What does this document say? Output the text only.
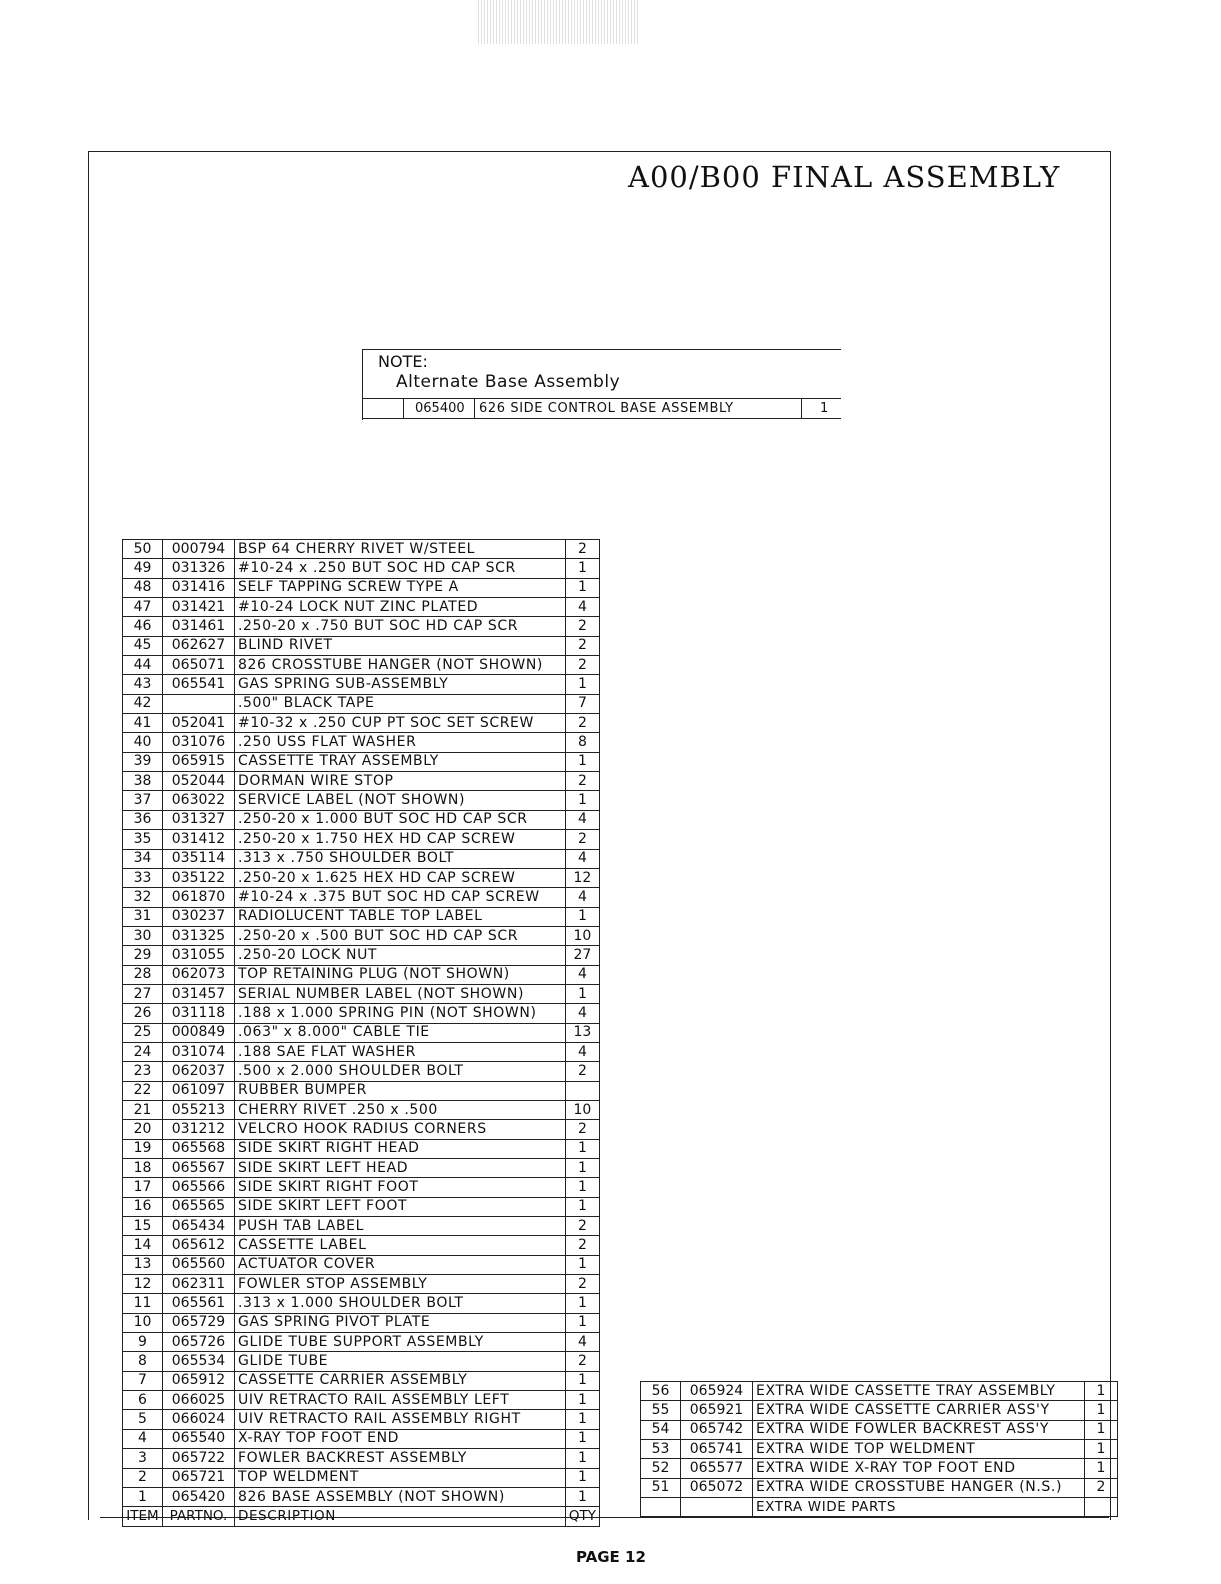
A00/B00 FINAL ASSEMBLY
NOTE:
Alternate Base Assembly
065400 626 SIDE CONTROL BASE ASSEMBLY	1
50	000794	BSP 64 CHERRY RIVET W/STEEL	2
49	031326	#10-24 x .250 BUT SOC HD CAP SCR	1
48	031416	SELF TAPPING SCREW TYPE A	1
47	031421	#10-24 LOCK NUT ZINC PLATED	4
46	031461	.250-20 x .750 BUT SOC HD CAP SCR	2
45	062627	BLIND RIVET	2
44	065071	826 CROSSTUBE HANGER (NOT SHOWN)	2
43	065541	GAS SPRING SUB-ASSEMBLY	1
42		.500" BLACK TAPE	7
41	052041	#10-32 x .250 CUP PT SOC SET SCREW	2
40	031076	.250 USS FLAT WASHER	8
39	065915	CASSETTE TRAY ASSEMBLY	1
38	052044	DORMAN WIRE STOP	2
37	063022	SERVICE LABEL (NOT SHOWN)	1
36	031327	.250-20 x 1.000 BUT SOC HD CAP SCR	4
35	031412	.250-20 x 1.750 HEX HD CAP SCREW	2
34	035114	.313 x .750 SHOULDER BOLT	4
33	035122	.250-20 x 1.625 HEX HD CAP SCREW	12
32	061870	#10-24 x .375 BUT SOC HD CAP SCREW	4
31	030237	RADIOLUCENT TABLE TOP LABEL	1
30	031325	.250-20 x .500 BUT SOC HD CAP SCR	10
29	031055	.250-20 LOCK NUT	27
28	062073	TOP RETAINING PLUG (NOT SHOWN)	4
27	031457	SERIAL NUMBER LABEL (NOT SHOWN)	1
26	031118	.188 x 1.000 SPRING PIN (NOT SHOWN)	4
25	000849	.063" x 8.000" CABLE TIE	13
24	031074	.188 SAE FLAT WASHER	4
23	062037	.500 x 2.000 SHOULDER BOLT	2
22	061097	RUBBER BUMPER	
21	055213	CHERRY RIVET .250 x .500	10
20	031212	VELCRO HOOK RADIUS CORNERS	2
19	065568	SIDE SKIRT RIGHT HEAD	1
18	065567	SIDE SKIRT LEFT HEAD	1
17	065566	SIDE SKIRT RIGHT FOOT	1
16	065565	SIDE SKIRT LEFT FOOT	1
15	065434	PUSH TAB LABEL	2
14	065612	CASSETTE LABEL	2
13	065560	ACTUATOR COVER	1
12	062311	FOWLER STOP ASSEMBLY	2
11	065561	.313 x 1.000 SHOULDER BOLT	1
10	065729	GAS SPRING PIVOT PLATE	1
9	065726	GLIDE TUBE SUPPORT ASSEMBLY	4
8	065534	GLIDE TUBE	2
7	065912	CASSETTE CARRIER ASSEMBLY	1
6	066025	UIV RETRACTO RAIL ASSEMBLY LEFT	1
5	066024	UIV RETRACTO RAIL ASSEMBLY RIGHT	1
4	065540	X-RAY TOP FOOT END	1
3	065722	FOWLER BACKREST ASSEMBLY	1
2	065721	TOP WELDMENT	1
1	065420	826 BASE ASSEMBLY (NOT SHOWN)	1
ITEM	PARTNO.	DESCRIPTION	QTY
56	065924	EXTRA WIDE CASSETTE TRAY ASSEMBLY	1
55	065921	EXTRA WIDE CASSETTE CARRIER ASS'Y	1
54	065742	EXTRA WIDE FOWLER BACKREST ASS'Y	1
53	065741	EXTRA WIDE TOP WELDMENT	1
52	065577	EXTRA WIDE X-RAY TOP FOOT END	1
51	065072	EXTRA WIDE CROSSTUBE HANGER (N.S.)	2
		EXTRA WIDE PARTS	
PAGE 12
